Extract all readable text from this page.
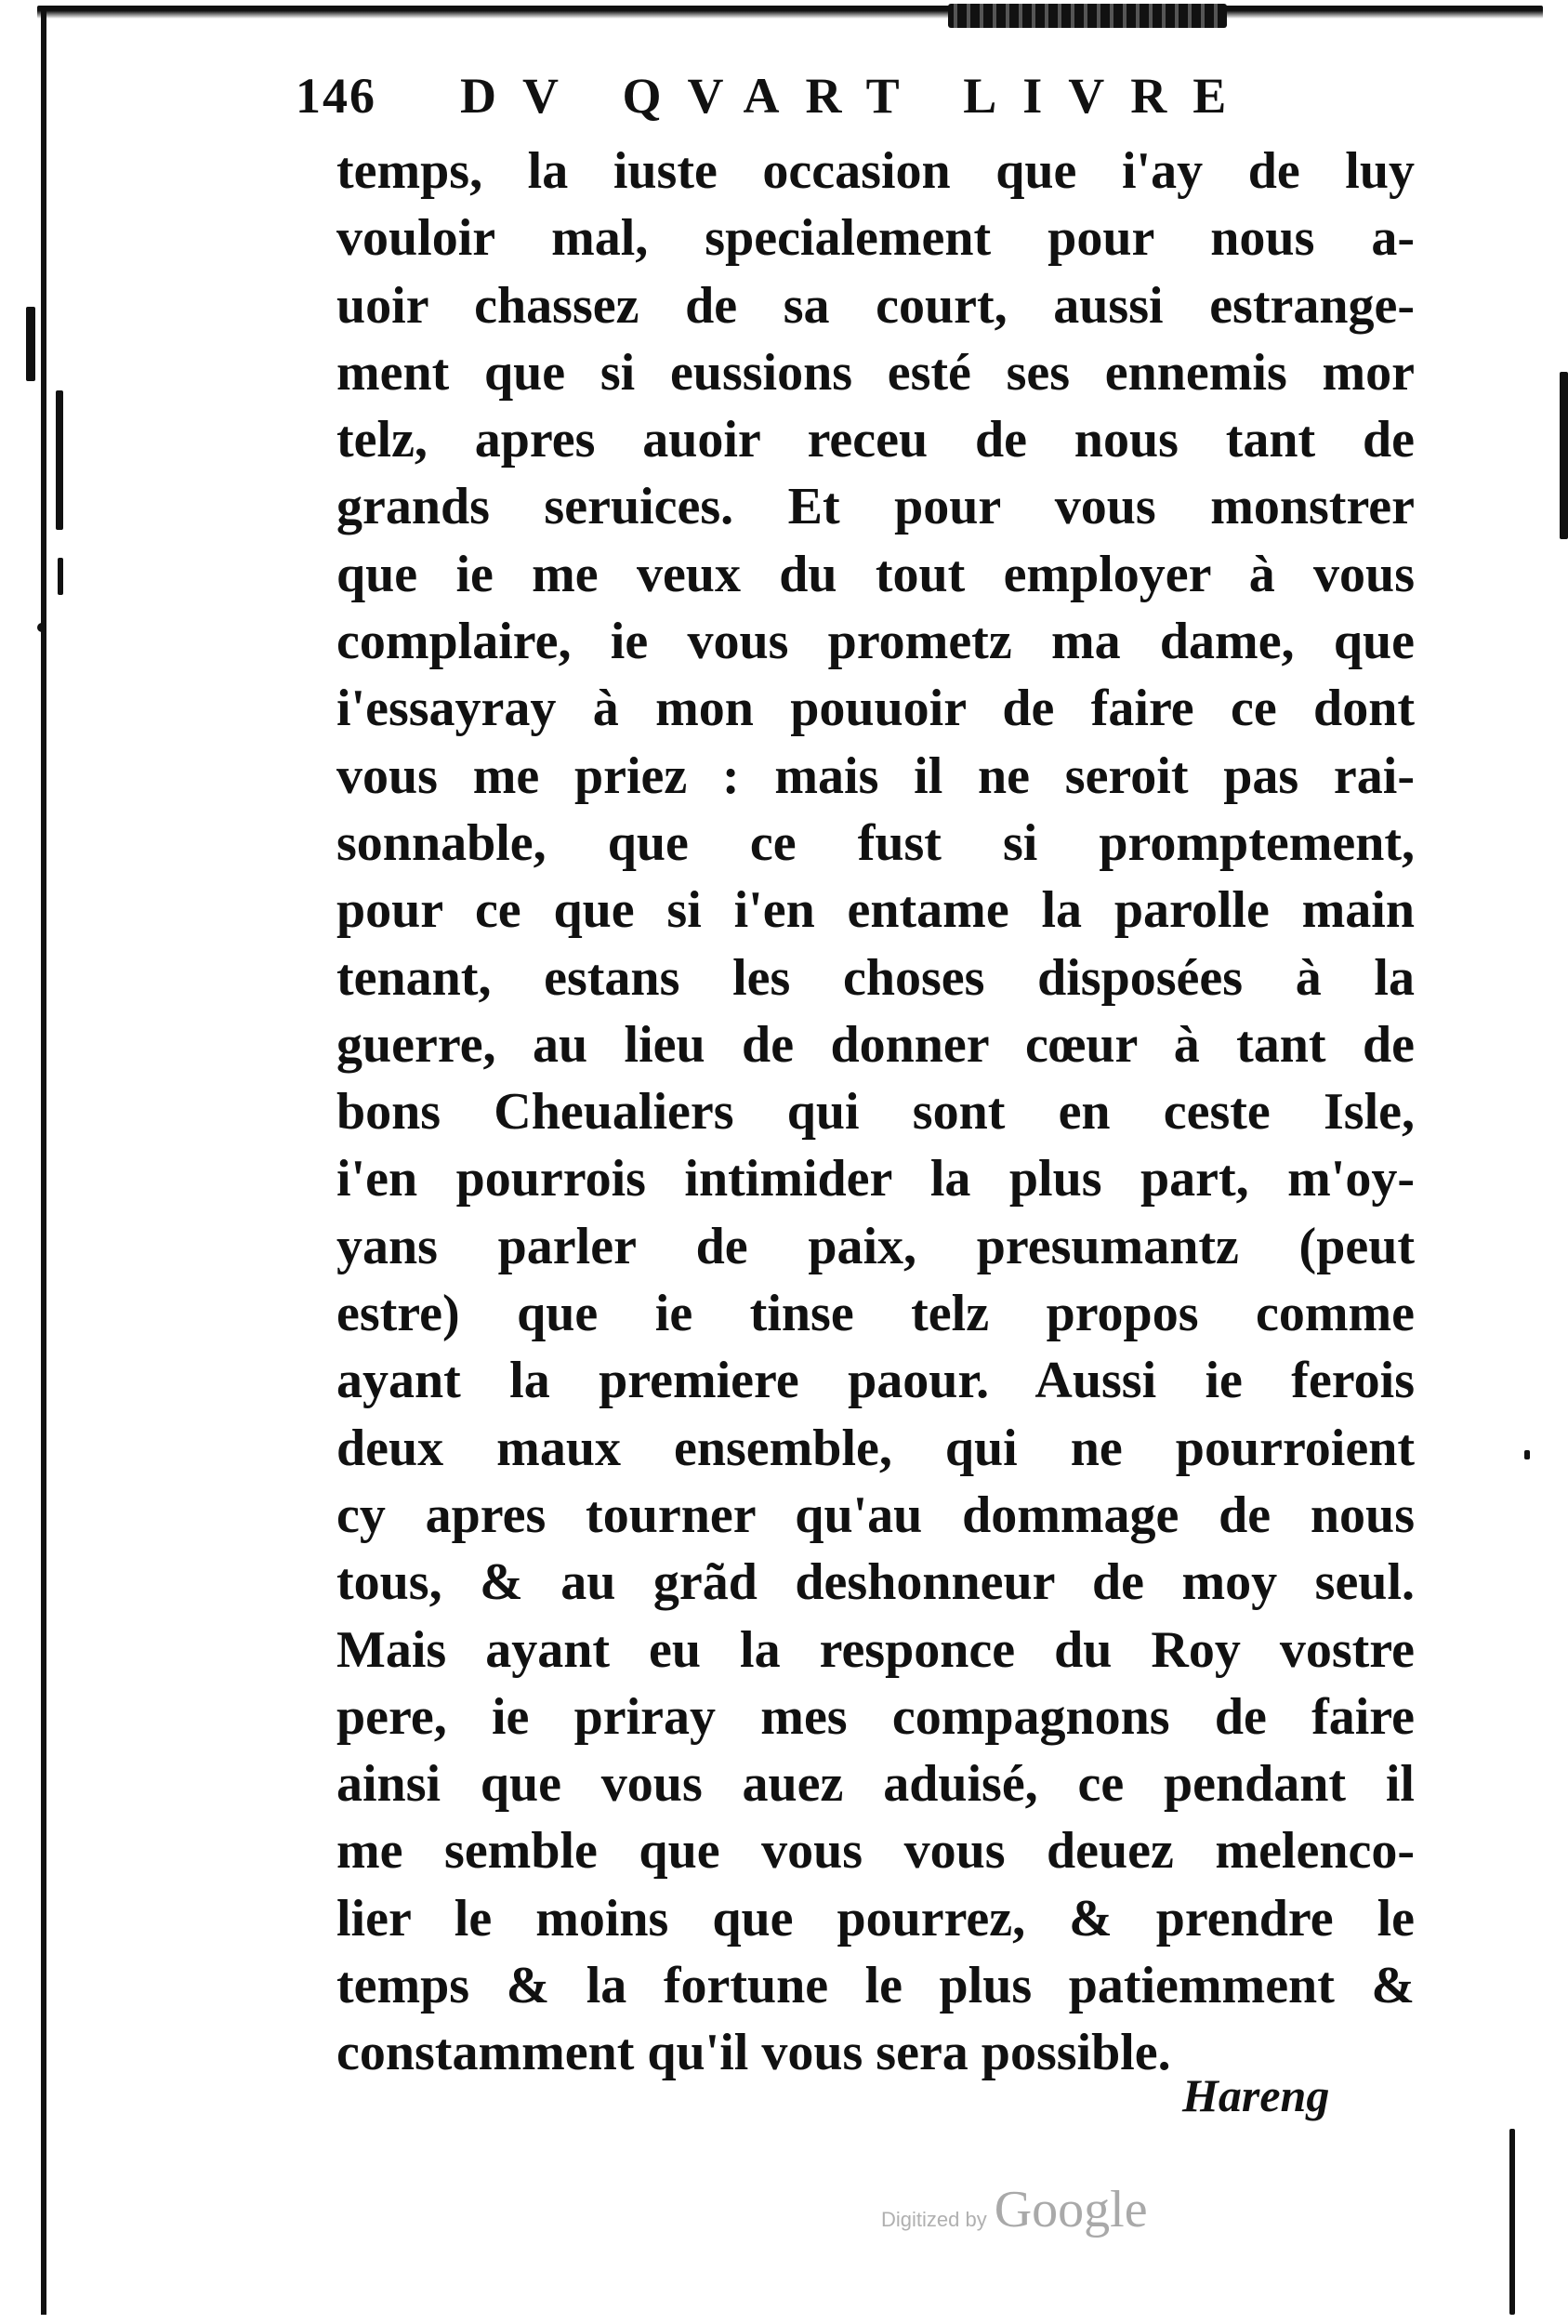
146 DV QVART LIVRE
temps, la iuste occasion que i'ay de luy
vouloir mal, specialement pour nous a-
uoir chassez de sa court, aussi estrange-
ment que si eussions esté ses ennemis mor
telz, apres auoir receu de nous tant de
grands seruices. Et pour vous monstrer
que ie me veux du tout employer à vous
complaire, ie vous prometz ma dame, que
i'essayray à mon pouuoir de faire ce dont
vous me priez : mais il ne seroit pas rai-
sonnable, que ce fust si promptement,
pour ce que si i'en entame la parolle main
tenant, estans les choses disposées à la
guerre, au lieu de donner cœur à tant de
bons Cheualiers qui sont en ceste Isle,
i'en pourrois intimider la plus part, m'oy-
yans parler de paix, presumantz (peut
estre) que ie tinse telz propos comme
ayant la premiere paour. Aussi ie ferois
deux maux ensemble, qui ne pourroient
cy apres tourner qu'au dommage de nous
tous, & au grãd deshonneur de moy seul.
Mais ayant eu la responce du Roy vostre
pere, ie priray mes compagnons de faire
ainsi que vous auez aduisé, ce pendant il
me semble que vous vous deuez melenco-
lier le moins que pourrez, & prendre le
temps & la fortune le plus patiemment &
constamment qu'il vous sera possible.
Hareng
Digitized by Google
